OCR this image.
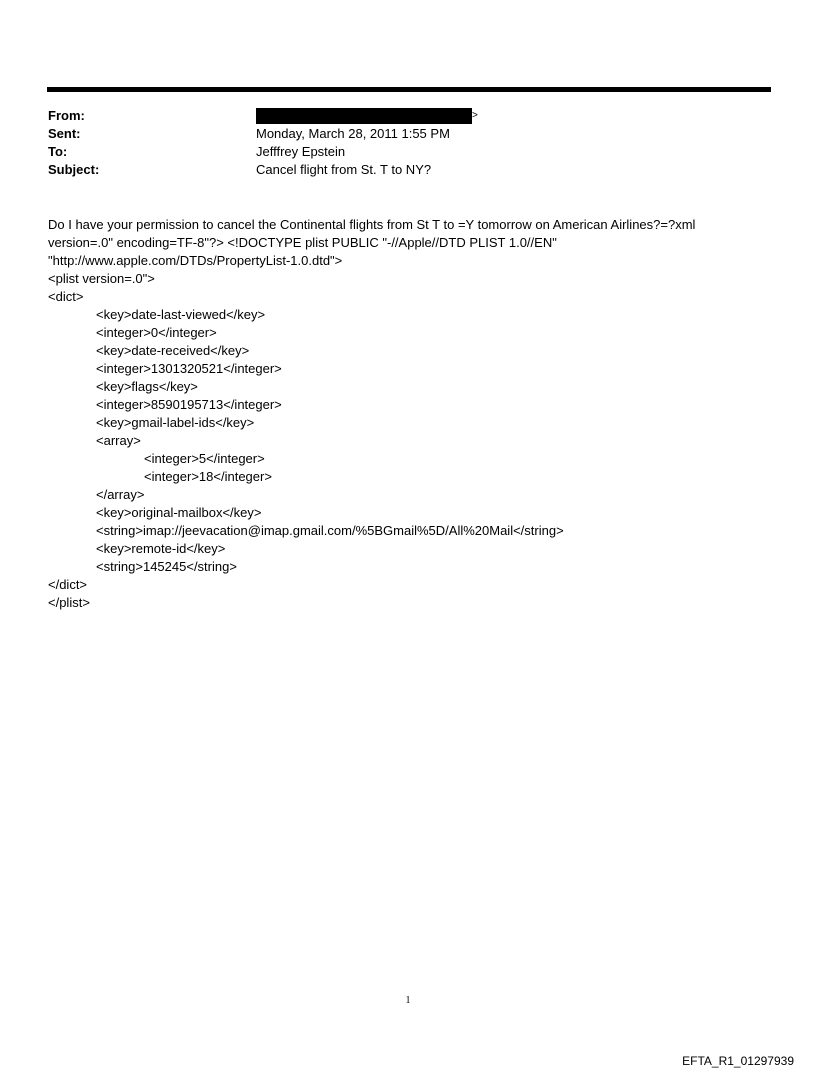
From:	>
Sent:	Monday, March 28, 2011 1:55 PM
To:	Jefffrey Epstein
Subject:	Cancel flight from St. T to NY?
Do I have your permission to cancel the Continental flights from St T to =Y tomorrow on American Airlines?=?xml
version=.0" encoding=TF-8"?> <!DOCTYPE plist PUBLIC "-//Apple//DTD PLIST 1.0//EN"
"http://www.apple.com/DTDs/PropertyList-1.0.dtd">
<plist version=.0">
<dict>
<key>date-last-viewed</key>
<integer>0</integer>
<key>date-received</key>
<integer>1301320521</integer>
<key>flags</key>
<integer>8590195713</integer>
<key>gmail-label-ids</key>
<array>
<integer>5</integer>
<integer>18</integer>
</array>
<key>original-mailbox</key>
<string>imap://jeevacation@imap.gmail.com/%5BGmail%5D/All%20Mail</string>
<key>remote-id</key>
<string>145245</string>
</dict>
</plist>
1
EFTA_R1_01297939
